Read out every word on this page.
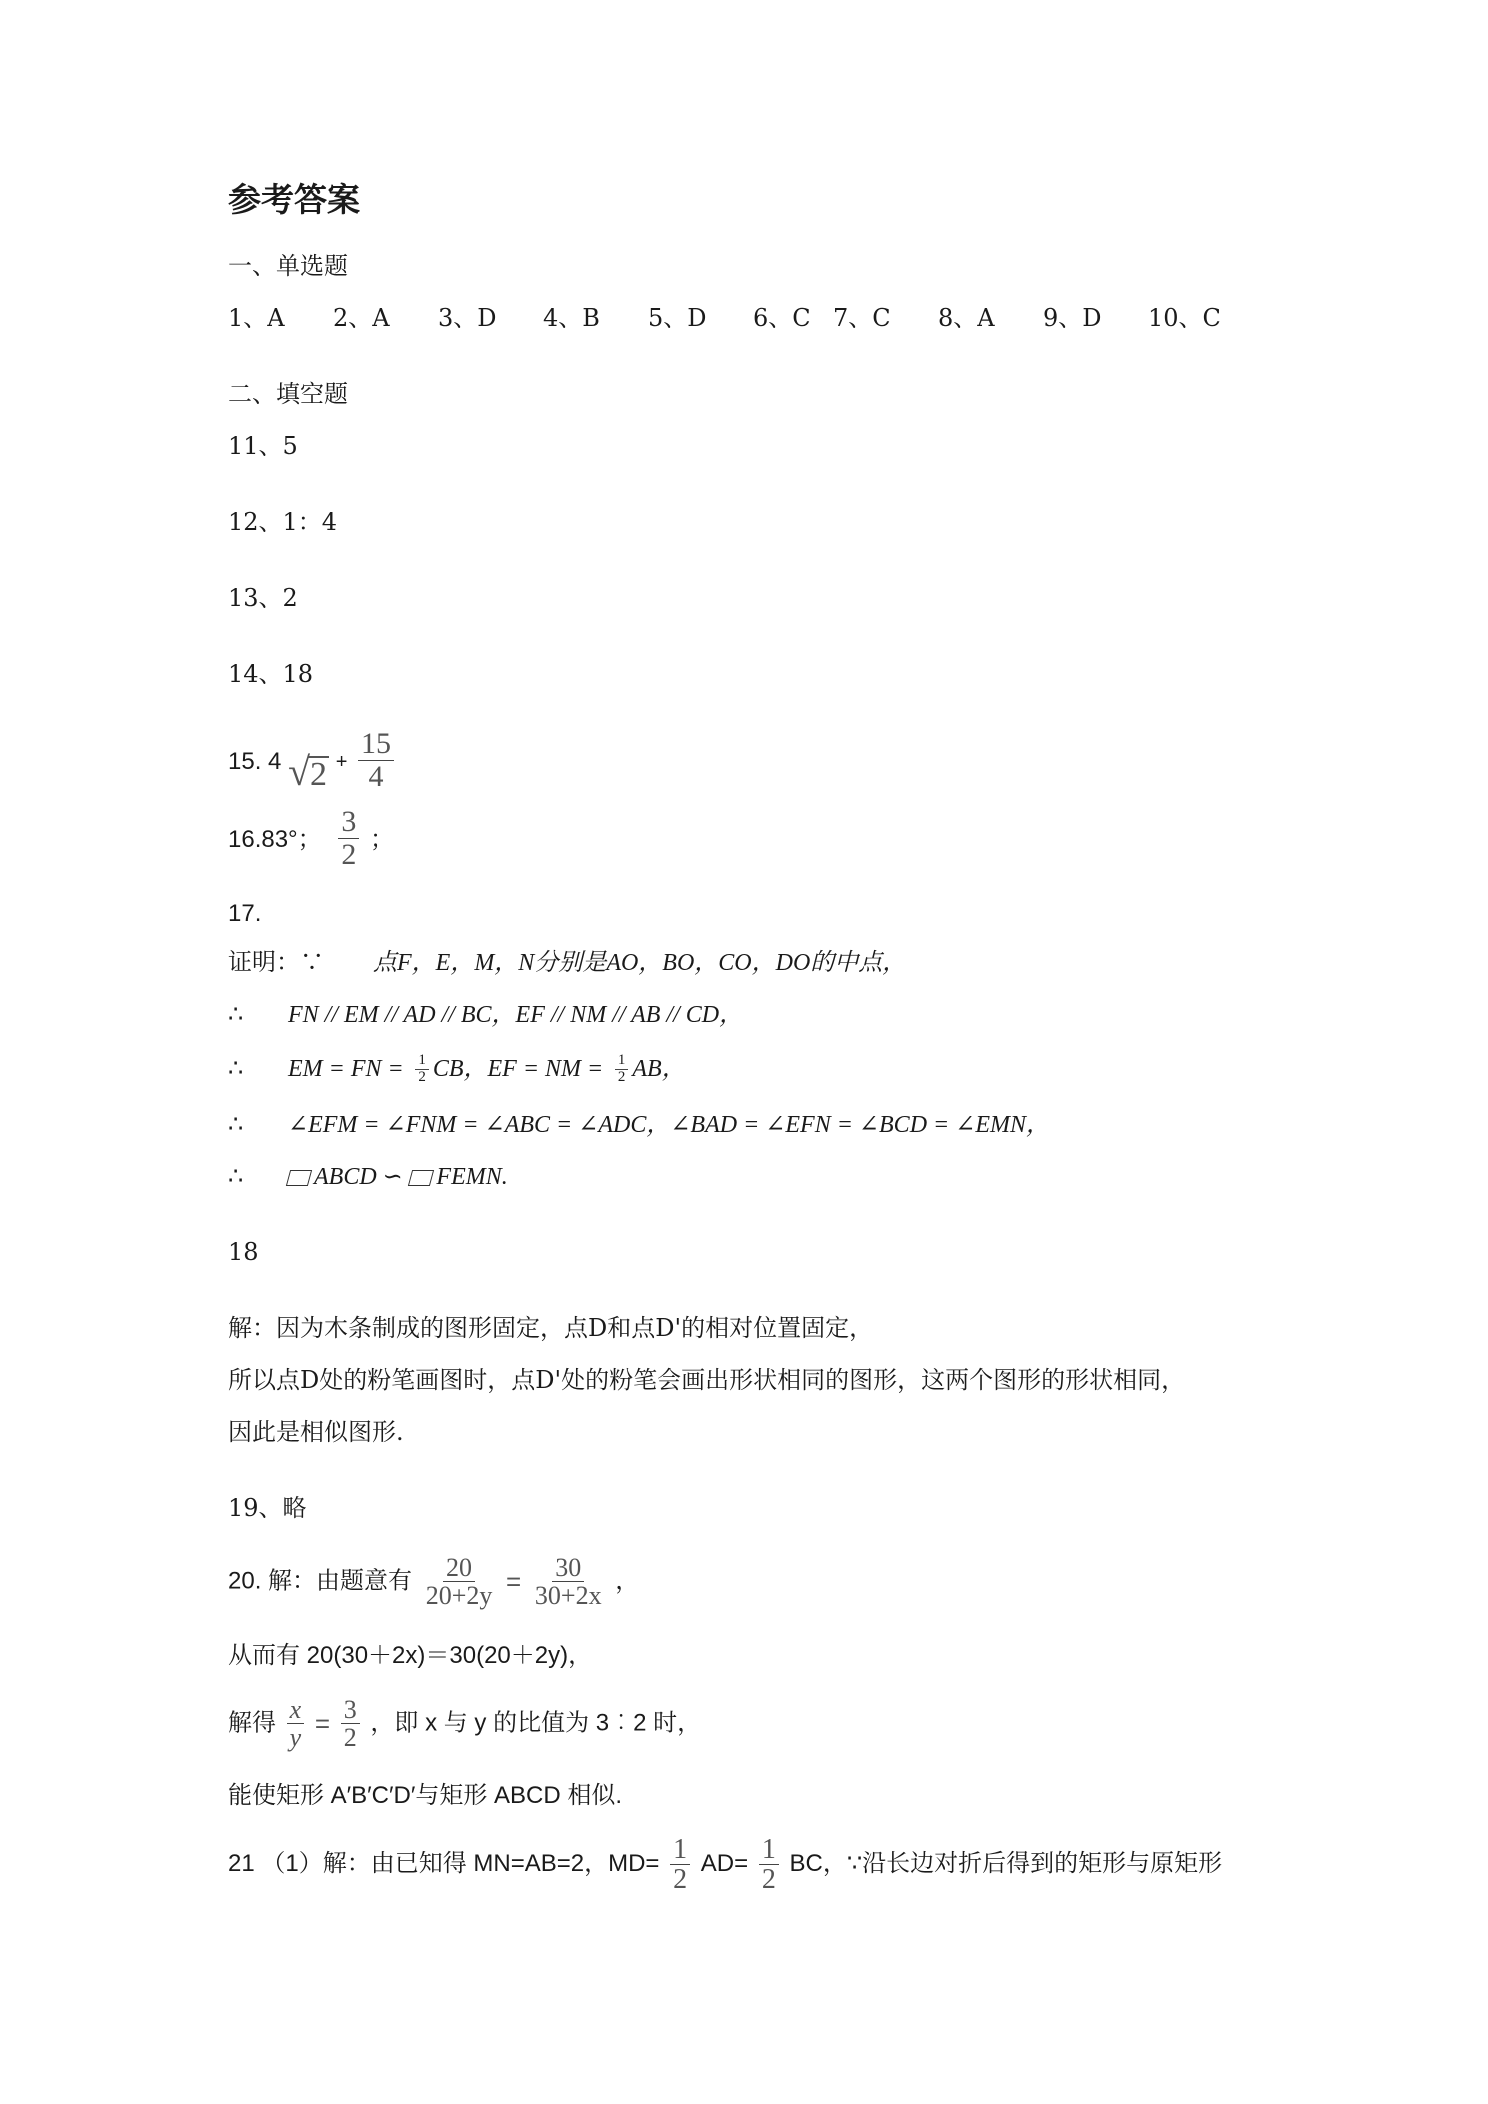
参考答案
一、单选题
1、A 2、A 3、D 4、B 5、D 6、C 7、C 8、A 9、D 10、C
二、填空题
11、5
12、1：4
13、2
14、18
15. 4 √ $2 + \frac{15}{4}$
16.83°； $\frac{3}{2}$ ；
17.
证明：∵ 点F，E，M，N分别是AO，BO，CO，DO的中点，
∴ FN // EM // AD // BC，EF // NM // AB // CD，
∴ EM = FN = $\frac{1}{2}$ CB，EF = NM = $\frac{1}{2}$ AB，
∴ ∠EFM = ∠FNM = ∠ABC = ∠ADC，∠BAD = ∠EFN = ∠BCD = ∠EMN，
∴	ABCD ∽ FEMN.
18
解：因为木条制成的图形固定，点D和点D'的相对位置固定，
所以点D处的粉笔画图时，点D'处的粉笔会画出形状相同的图形，这两个图形的形状相同，
因此是相似图形.
19、略
20. 解：由题意有 $\frac{20}{20+2y} = \frac{30}{30+2x}$ ，
从而有 20(30＋2x)＝30(20＋2y)，
解得 $\frac{x}{y} = \frac{3}{2}$ ，即 x 与 y 的比值为 3︰2 时，
能使矩形 A′B′C′D′与矩形 ABCD 相似.
21 （1）解：由已知得 MN=AB=2，$MD= \frac{1}{2} AD= \frac{1}{2}$ BC，∵沿长边对折后得到的矩形与原矩形
